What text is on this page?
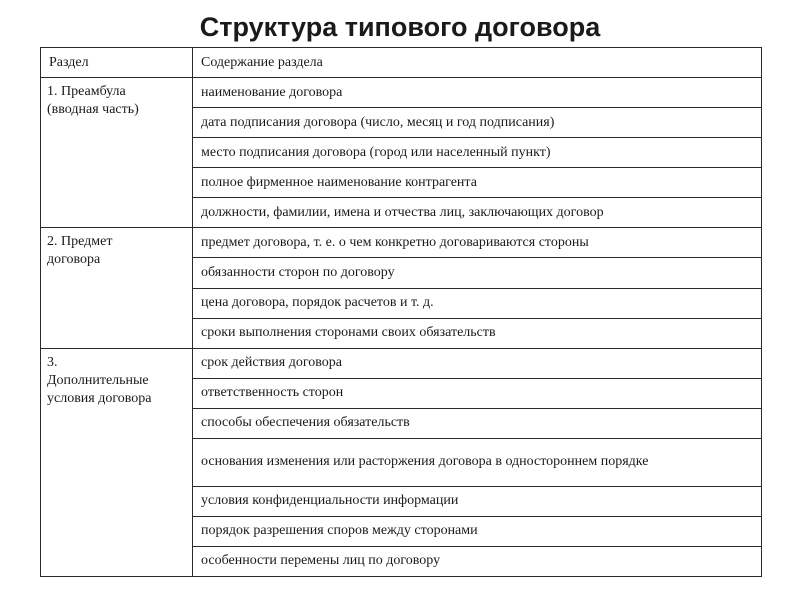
Структура типового договора
Раздел	Содержание раздела
1. Преамбула
(вводная часть)	наименование договора
	дата подписания договора (число, месяц и год подписания)
	место подписания договора (город или населенный пункт)
	полное фирменное наименование контрагента
	должности, фамилии, имена и отчества лиц, заключающих договор
2. Предмет
договора	предмет договора, т. е. о чем конкретно договариваются стороны
	обязанности сторон по договору
	цена договора, порядок расчетов и т. д.
	сроки выполнения сторонами своих обязательств
3.
Дополнительные
условия договора	срок действия договора
	ответственность сторон
	способы обеспечения обязательств
	основания изменения или расторжения договора в одностороннем порядке
	условия конфиденциальности информации
	порядок разрешения споров между сторонами
	особенности перемены лиц по договору
